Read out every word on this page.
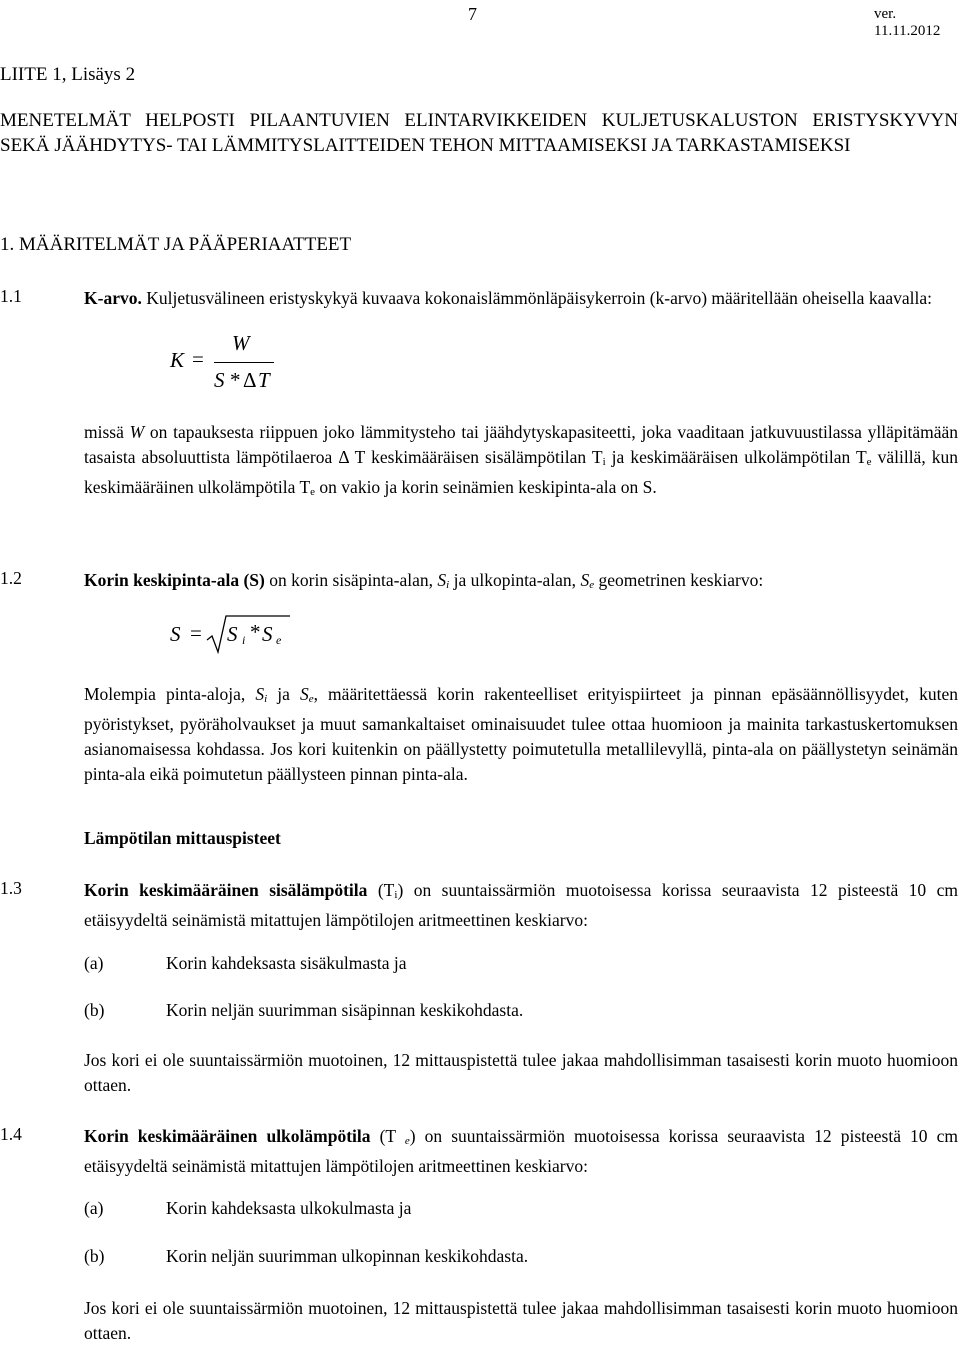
7	ver. 11.11.2012
LIITE 1, Lisäys 2
MENETELMÄT HELPOSTI PILAANTUVIEN ELINTARVIKKEIDEN KULJETUSKALUSTON ERISTYSKYVYN SEKÄ JÄÄHDYTYS- TAI LÄMMITYSLAITTEIDEN TEHON MITTAAMISEKSI JA TARKASTAMISEKSI
1. MÄÄRITELMÄT JA PÄÄPERIAATTEET
1.1	K-arvo. Kuljetusvälineen eristyskykyä kuvaava kokonaislämmönläpäisykerroin (k-arvo) määritellään oheisella kaavalla:
K =
W
S * Δ T
missä W on tapauksesta riippuen joko lämmitysteho tai jäähdytyskapasiteetti, joka vaaditaan jatkuvuustilassa ylläpitämään tasaista absoluuttista lämpötilaeroa Δ T keskimääräisen sisälämpötilan $T_i$ ja keskimääräisen ulkolämpötilan $T_e$ välillä, kun keskimääräinen ulkolämpötila $T_e$ on vakio ja korin seinämien keskipinta-ala on S.
1.2	Korin keskipinta-ala (S) on korin sisäpinta-alan, $S_i$ ja ulkopinta-alan, $S_e$ geometrinen keskiarvo:
S = S i * S e
Molempia pinta-aloja, $S_i$ ja $S_e$, määritettäessä korin rakenteelliset erityispiirteet ja pinnan epäsäännöllisyydet, kuten pyöristykset, pyöräholvaukset ja muut samankaltaiset ominaisuudet tulee ottaa huomioon ja mainita tarkastuskertomuksen asianomaisessa kohdassa. Jos kori kuitenkin on päällystetty poimutetulla metallilevyllä, pinta-ala on päällystetyn seinämän pinta-ala eikä poimutetun päällysteen pinnan pinta-ala.
Lämpötilan mittauspisteet
1.3	Korin keskimääräinen sisälämpötila $(T_i)$ on suuntaissärmiön muotoisessa korissa seuraavista 12 pisteestä 10 cm etäisyydeltä seinämistä mitattujen lämpötilojen aritmeettinen keskiarvo:
(a)	Korin kahdeksasta sisäkulmasta ja
(b)	Korin neljän suurimman sisäpinnan keskikohdasta.
Jos kori ei ole suuntaissärmiön muotoinen, 12 mittauspistettä tulee jakaa mahdollisimman tasaisesti korin muoto huomioon ottaen.
1.4	Korin keskimääräinen ulkolämpötila (T $_e$) on suuntaissärmiön muotoisessa korissa seuraavista 12 pisteestä 10 cm etäisyydeltä seinämistä mitattujen lämpötilojen aritmeettinen keskiarvo:
(a)	Korin kahdeksasta ulkokulmasta ja
(b)	Korin neljän suurimman ulkopinnan keskikohdasta.
Jos kori ei ole suuntaissärmiön muotoinen, 12 mittauspistettä tulee jakaa mahdollisimman tasaisesti korin muoto huomioon ottaen.
